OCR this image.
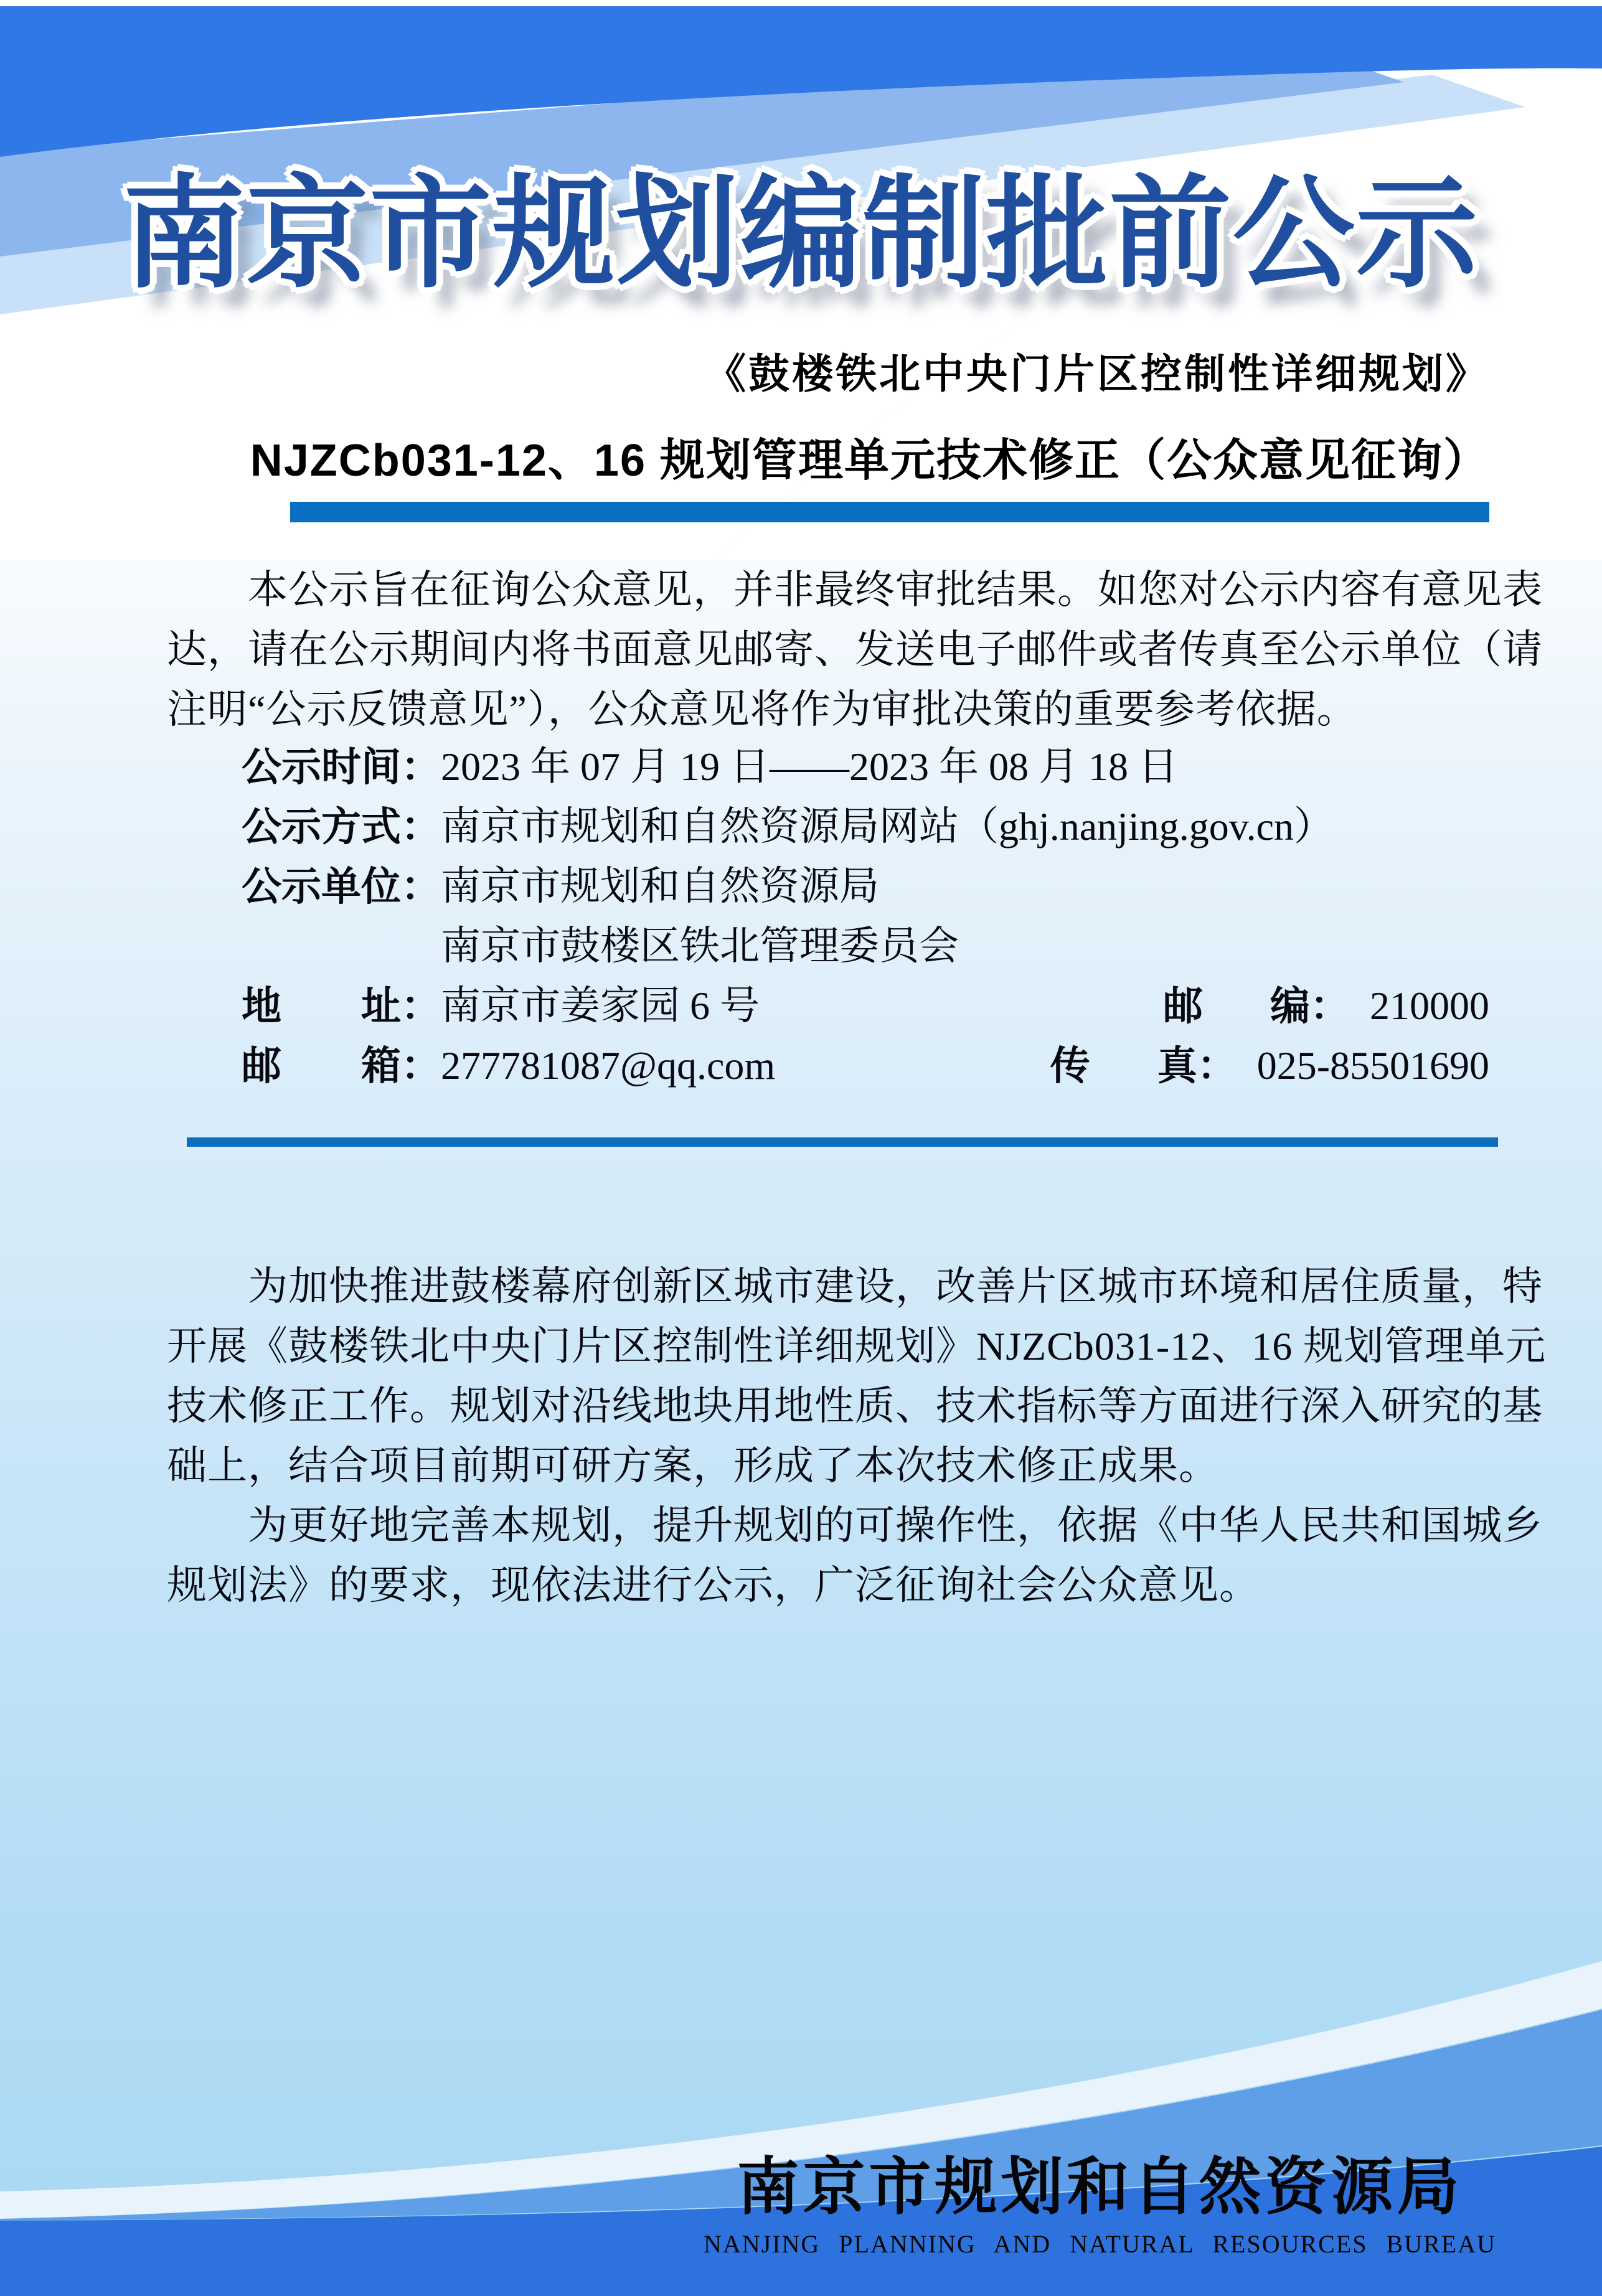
南京市规划编制批前公示
《鼓楼铁北中央门片区控制性详细规划》
NJZCb031-12、16 规划管理单元技术修正（公众意见征询）
本公示旨在征询公众意见，并非最终审批结果。如您对公示内容有意见表
达，请在公示期间内将书面意见邮寄、发送电子邮件或者传真至公示单位（请
注明“公示反馈意见”），公众意见将作为审批决策的重要参考依据。
公示时间：2023 年 07 月 19 日——2023 年 08 月 18 日
公示方式：南京市规划和自然资源局网站（ghj.nanjing.gov.cn）
公示单位：南京市规划和自然资源局
南京市鼓楼区铁北管理委员会
地 址： 南京市姜家园 6 号	邮 编： 210000
邮 箱： 277781087@qq.com	传 真： 025-85501690
为加快推进鼓楼幕府创新区城市建设，改善片区城市环境和居住质量，特
开展《鼓楼铁北中央门片区控制性详细规划》NJZCb031-12、16 规划管理单元
技术修正工作。规划对沿线地块用地性质、技术指标等方面进行深入研究的基
础上，结合项目前期可研方案，形成了本次技术修正成果。
为更好地完善本规划，提升规划的可操作性，依据《中华人民共和国城乡
规划法》的要求，现依法进行公示，广泛征询社会公众意见。
南京市规划和自然资源局
NANJING PLANNING AND NATURAL RESOURCES BUREAU
